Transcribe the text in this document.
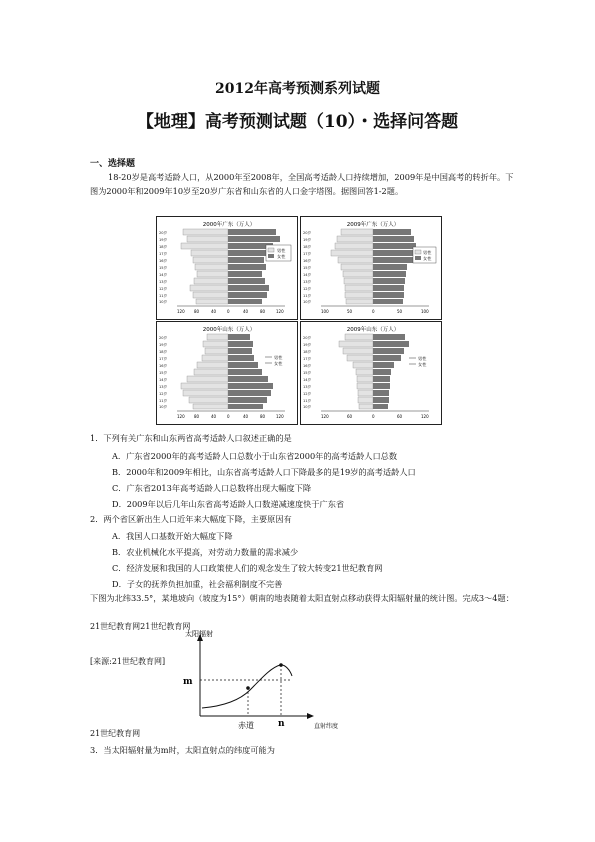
2012年高考预测系列试题
【地理】高考预测试题（10）・选择问答题
一、选择题
18-20岁是高考适龄人口，从2000年至2008年，全国高考适龄人口持续增加，2009年是中国高考的转折年。下图为2000年和2009年10岁至20岁广东省和山东省的人口金字塔图。据图回答1-2题。
2000年广东（万人）
20岁
19岁
18岁
17岁
16岁
15岁
14岁
13岁
12岁
11岁
10岁
男性
女性
120 80	40	0	40	80	120
2009年广东（万人）
20岁
19岁
18岁
17岁
16岁
15岁
14岁
13岁
12岁
11岁
10岁
男性
女性
100	50	0	50	100
2000年山东（万人）
20岁
19岁
18岁
17岁
16岁
15岁
14岁
13岁
12岁
11岁
10岁
男性
女性
120 80	40	0	40	80	120
2009年山东（万人）
20岁
19岁
18岁
17岁
16岁
15岁
14岁
13岁
12岁
11岁
10岁
男性
女性
120	60	0	60	120
1．下列有关广东和山东两省高考适龄人口叙述正确的是
A．广东省2000年的高考适龄人口总数小于山东省2000年的高考适龄人口总数
B．2000年和2009年相比，山东省高考适龄人口下降最多的是19岁的高考适龄人口
C．广东省2013年高考适龄人口总数将出现大幅度下降
D．2009年以后几年山东省高考适龄人口数递减速度快于广东省
2．两个省区新出生人口近年来大幅度下降，主要原因有
A．我国人口基数开始大幅度下降
B．农业机械化水平提高，对劳动力数量的需求减少
C．经济发展和我国的人口政策使人们的观念发生了较大转变21世纪教育网
D．子女的抚养负担加重，社会福利制度不完善
下图为北纬33.5°，某地坡向（坡度为15°）朝南的地表随着太阳直射点移动获得太阳辐射量的统计图。完成3～4题：
21世纪教育网21世纪教育网
[来源:21世纪教育网]
太阳辐射
直射纬度
m
n
赤道
21世纪教育网
3．当太阳辐射量为m时，太阳直射点的纬度可能为
